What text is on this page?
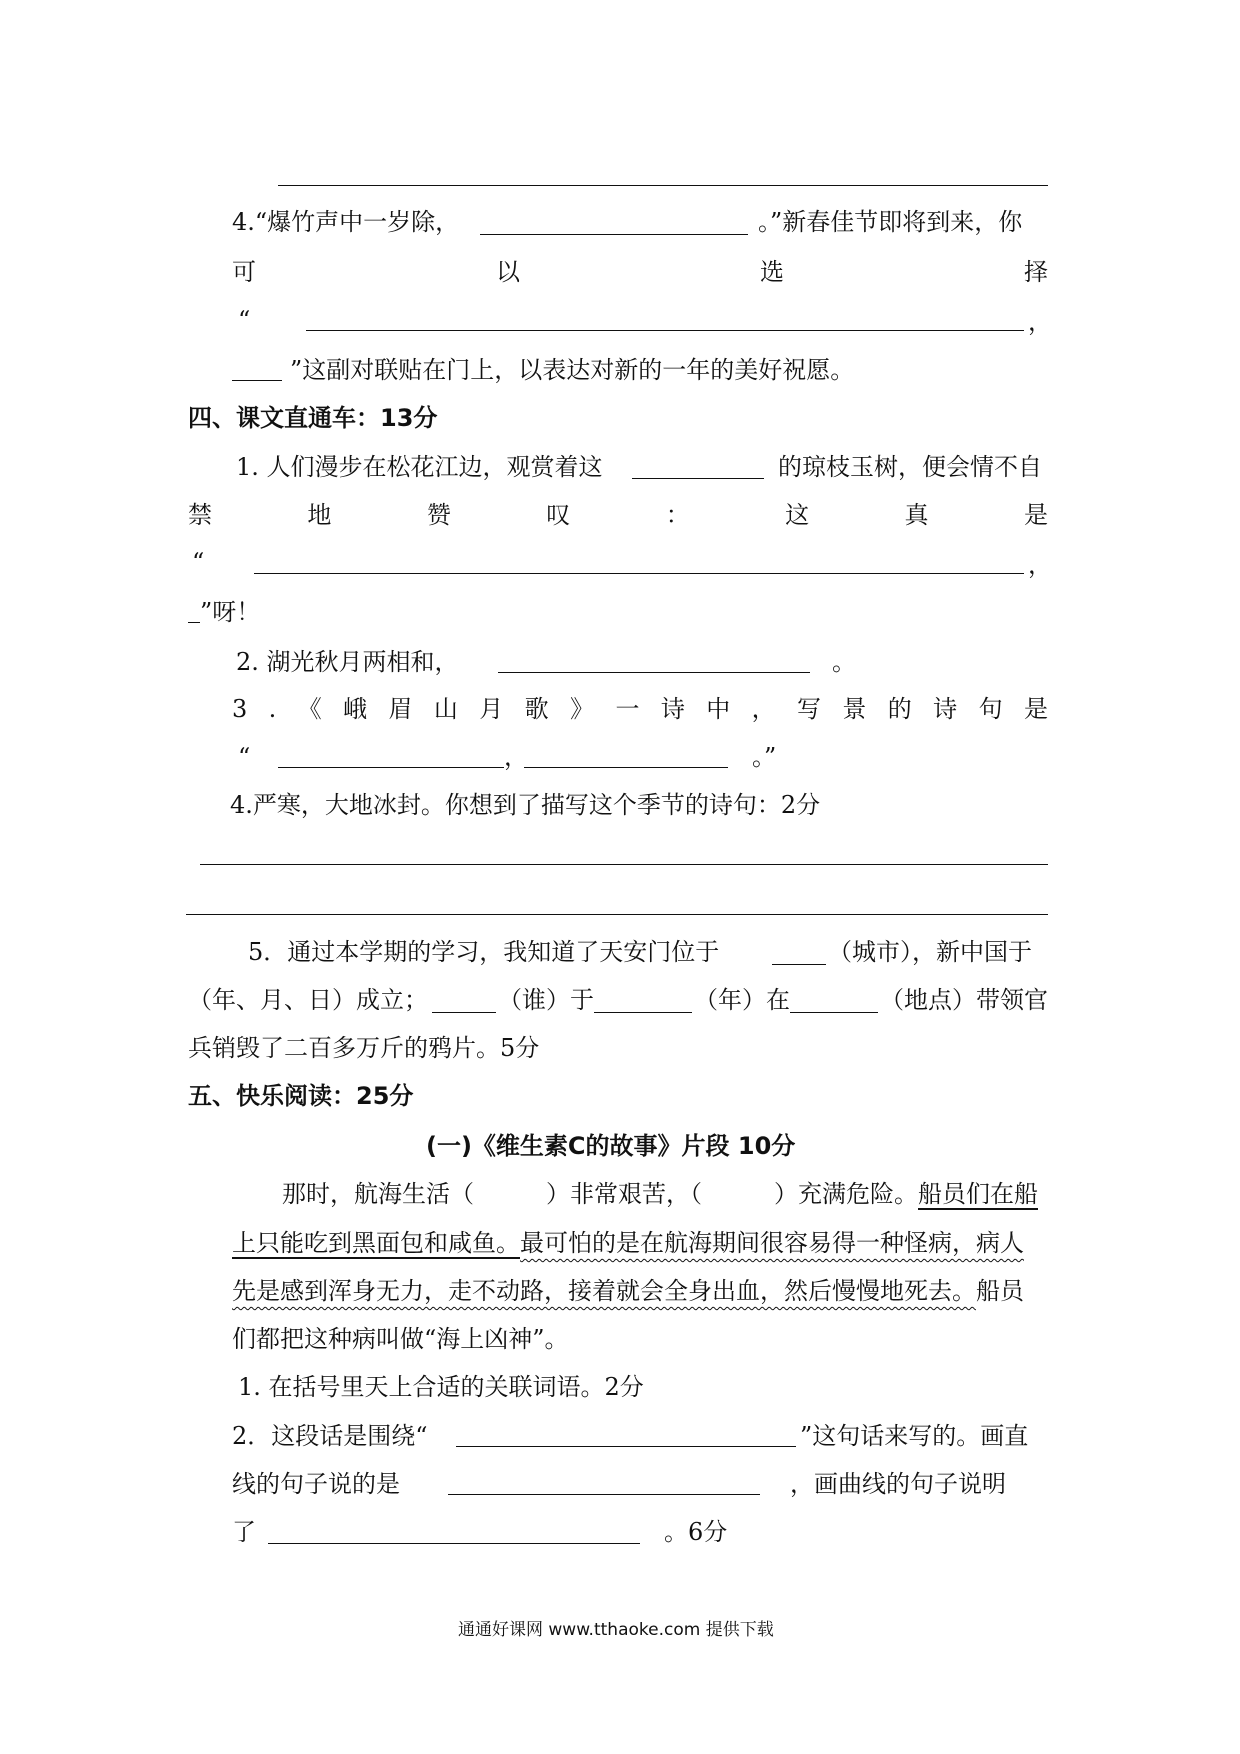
4.“爆竹声中一岁除，	。”新春佳节即将到来，你
可	以	选	择
“	，
”这副对联贴在门上，以表达对新的一年的美好祝愿。
四、课文直通车：13分
1. 人们漫步在松花江边，观赏着这	的琼枝玉树，便会情不自
禁	地	赞	叹	：	这	真	是
“	，
”呀！
2. 湖光秋月两相和，	。
3 . 《 峨 眉 山 月 歌 》 一 诗 中 ， 写 景 的 诗 句 是
“	，	。”
4.严寒，大地冰封。你想到了描写这个季节的诗句：2分
5．通过本学期的学习，我知道了天安门位于	（城市），新中国于
（年、月、日）成立；	（谁）于	（年）在	（地点）带领官
兵销毁了二百多万斤的鸦片。5分
五、快乐阅读：25分
(一)《维生素C的故事》片段 10分
那时，航海生活（	）非常艰苦，（	）充满危险。船员们在船
上只能吃到黑面包和咸鱼。最可怕的是在航海期间很容易得一种怪病，病人
先是感到浑身无力，走不动路，接着就会全身出血，然后慢慢地死去。船员
们都把这种病叫做“海上凶神”。
1. 在括号里天上合适的关联词语。2分
2．这段话是围绕“	”这句话来写的。画直
线的句子说的是	，画曲线的句子说明
了	。6分
通通好课网 www.tthaoke.com 提供下载
